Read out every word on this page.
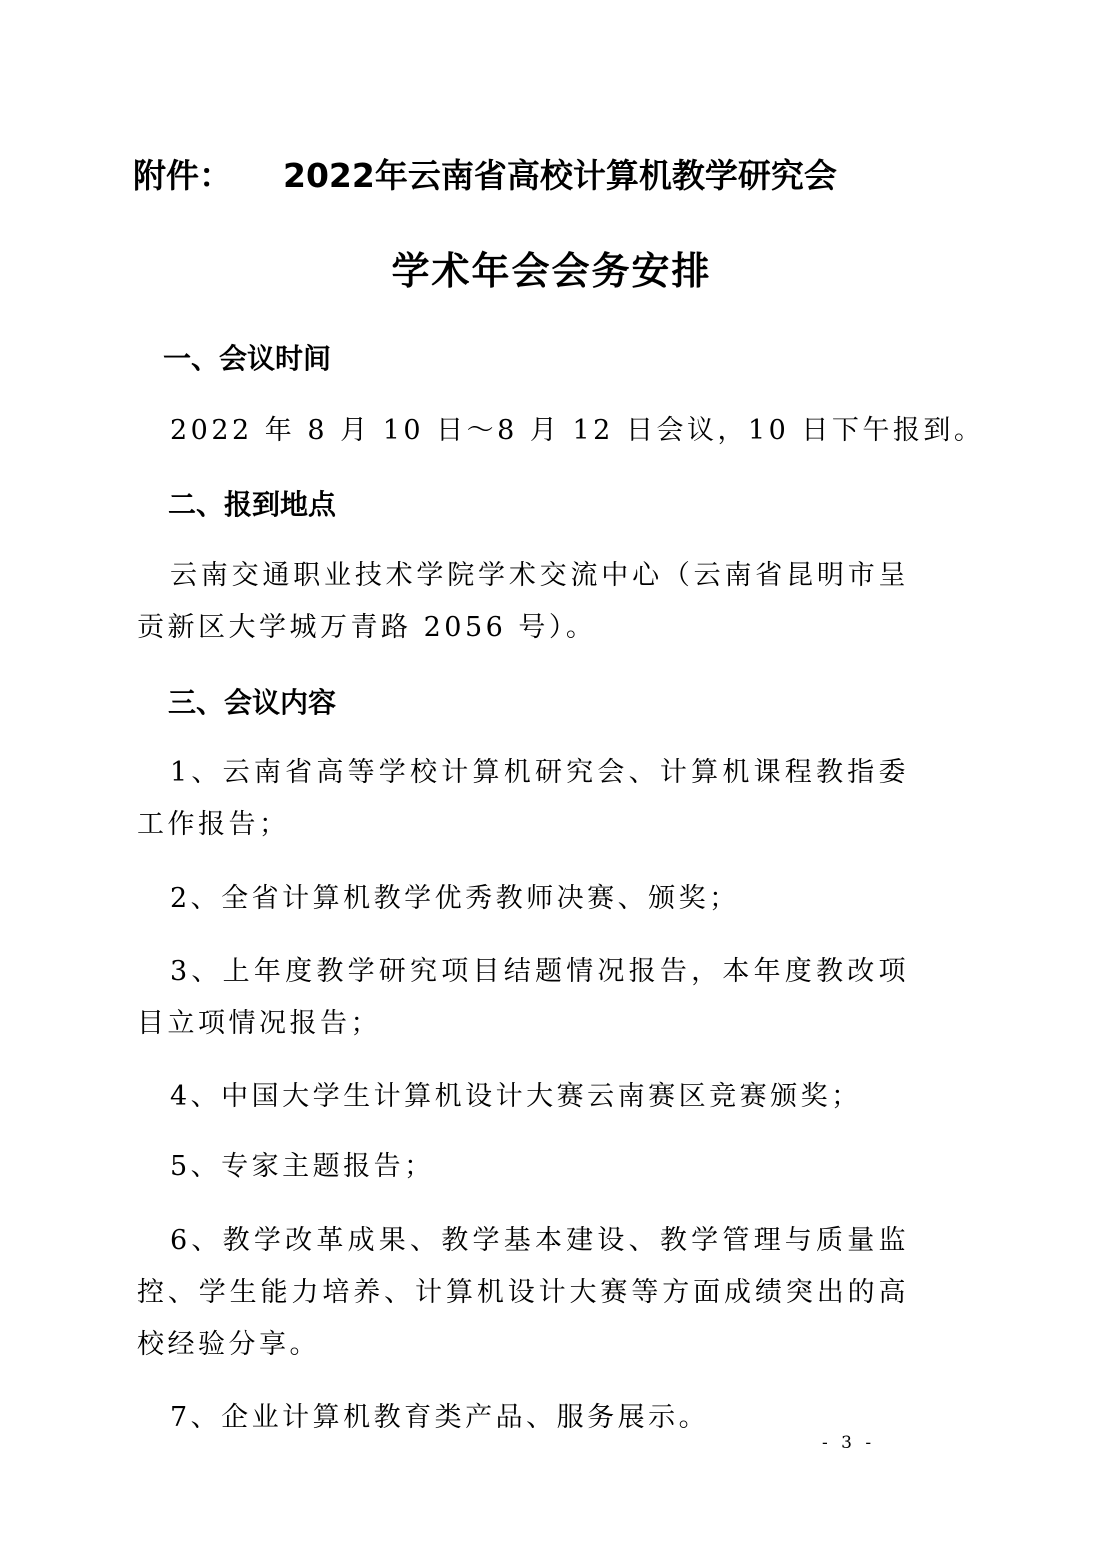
附件： 2022年云南省高校计算机教学研究会
学术年会会务安排
一、会议时间
2022 年 8 月 10 日～8 月 12 日会议，10 日下午报到。
二、报到地点
云南交通职业技术学院学术交流中心（云南省昆明市呈贡新区大学城万青路 2056 号）。
三、会议内容
1、云南省高等学校计算机研究会、计算机课程教指委工作报告；
2、全省计算机教学优秀教师决赛、颁奖；
3、上年度教学研究项目结题情况报告，本年度教改项目立项情况报告；
4、中国大学生计算机设计大赛云南赛区竞赛颁奖；
5、专家主题报告；
6、教学改革成果、教学基本建设、教学管理与质量监控、学生能力培养、计算机设计大赛等方面成绩突出的高校经验分享。
7、企业计算机教育类产品、服务展示。
- 3 -
